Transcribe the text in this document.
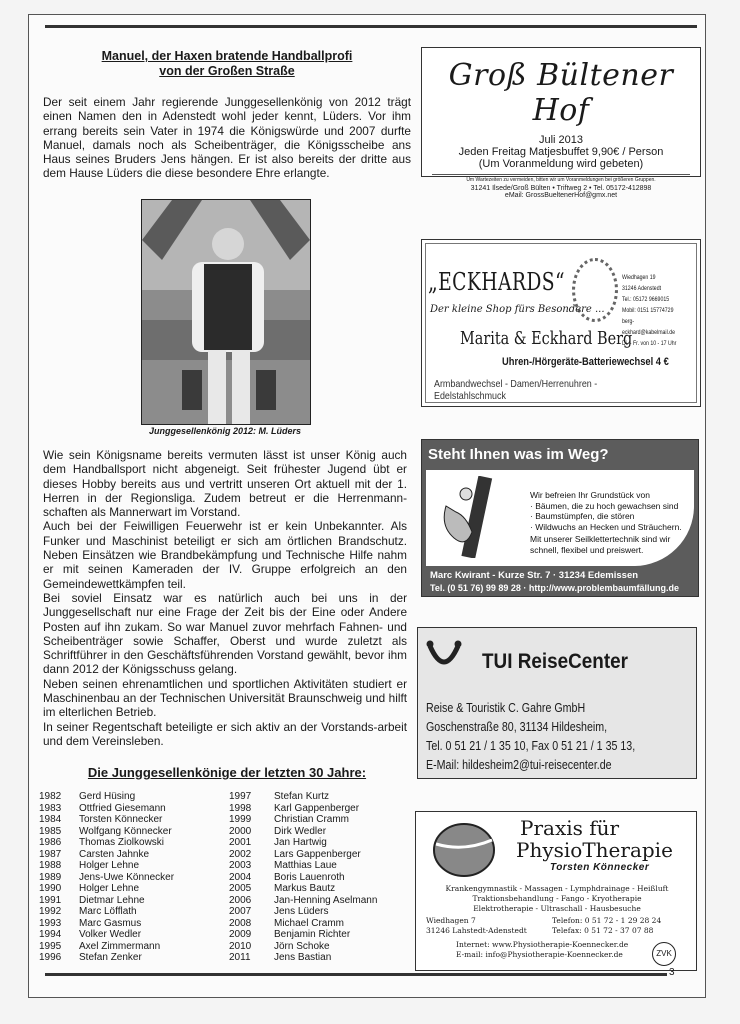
Manuel, der Haxen bratende Handballprofi
von der Großen Straße

Der seit einem Jahr regierende Junggesellenkönig von 2012 trägt einen Namen den in Adenstedt wohl jeder kennt, Lüders. Vor ihm errang bereits sein Vater in 1974 die Königswürde und 2007 durfte Manuel, damals noch als Scheibenträger, die Königsscheibe ans Haus seines Bruders Jens hängen. Er ist also bereits der dritte aus dem Hause Lüders die diese besondere Ehre erlangte.

Junggesellenkönig 2012: M. Lüders

Wie sein Königsname bereits vermuten lässt ist unser König auch dem Handballsport nicht abgeneigt. Seit frühester Jugend übt er dieses Hobby bereits aus und vertritt unseren Ort aktuell mit der 1. Herren in der Regionsliga. Zudem betreut er die Herrenmann-schaften als Mannerwart im Vorstand.

Auch bei der Feiwilligen Feuerwehr ist er kein Unbekannter. Als Funker und Maschinist beteiligt er sich am örtlichen Brandschutz. Neben Einsätzen wie Brandbekämpfung und Technische Hilfe nahm er mit seinen Kameraden der IV. Gruppe erfolgreich an den Gemeindewettkämpfen teil.

Bei soviel Einsatz war es natürlich auch bei uns in der Junggesellschaft nur eine Frage der Zeit bis der Eine oder Andere Posten auf ihn zukam. So war Manuel zuvor mehrfach Fahnen- und Scheibenträger sowie Schaffer, Oberst und wurde zuletzt als Schriftführer in den Geschäftsführenden Vorstand gewählt, bevor ihm dann 2012 der Königsschuss gelang.

Neben seinen ehrenamtlichen und sportlichen Aktivitäten studiert er Maschinenbau an der Technischen Universität Braunschweig und hilft im elterlichen Betrieb.

In seiner Regentschaft beteiligte er sich aktiv an der Vorstands-arbeit und dem Vereinsleben.

Die Junggesellenkönige der letzten 30 Jahre:
1982	Gerd Hüsing	1997	Stefan Kurtz
1983	Ottfried Giesemann	1998	Karl Gappenberger
1984	Torsten Könnecker	1999	Christian Cramm
1985	Wolfgang Könnecker	2000	Dirk Wedler
1986	Thomas Ziolkowski	2001	Jan Hartwig
1987	Carsten Jahnke	2002	Lars Gappenberger
1988	Holger Lehne	2003	Matthias Laue
1989	Jens-Uwe Könnecker	2004	Boris Lauenroth
1990	Holger Lehne	2005	Markus Bautz
1991	Dietmar Lehne	2006	Jan-Henning Aselmann
1992	Marc Löfflath	2007	Jens Lüders
1993	Marc Gasmus	2008	Michael Cramm
1994	Volker Wedler	2009	Benjamin Richter
1995	Axel Zimmermann	2010	Jörn Schoke
1996	Stefan Zenker	2011	Jens Bastian
Groß Bültener Hof
Juli 2013
Jeden Freitag Matjesbuffet 9,90€ / Person
(Um Voranmeldung wird gebeten)
Um Wartezeiten zu vermeiden, bitten wir um Voranmeldungen bei größeren Gruppen.
31241 Ilsede/Groß Bülten • Triftweg 2 • Tel. 05172-412898
eMail: GrossBueltenerHof@gmx.net
„ECKHARDS“
Der kleine Shop fürs Besondere ...
Marita & Eckhard Berg
Uhren-/Hörgeräte-Batteriewechsel 4 €
Armbandwechsel - Damen/Herrenuhren - Edelstahlschmuck
Wiedhagen 19
31246 Adenstedt
Tel.: 05172 9669015
Mobil: 0151 15774729
berg-eckhard@kabelmail.de
Di. - Fr. von 10 - 17 Uhr
Steht Ihnen was im Weg?
Wir befreien Ihr Grundstück von
· Bäumen, die zu hoch gewachsen sind
· Baumstümpfen, die stören
· Wildwuchs an Hecken und Sträuchern.
Mit unserer Seilklettertechnik sind wir
schnell, flexibel und preiswert.
Marc Kwirant - Kurze Str. 7 · 31234 Edemissen
Tel. (0 51 76) 99 89 28 · http://www.problembaumfällung.de
TUI ReiseCenter
Reise & Touristik C. Gahre GmbH
Goschenstraße 80, 31134 Hildesheim,
Tel. 0 51 21 / 1 35 10, Fax 0 51 21 / 1 35 13,
E-Mail: hildesheim2@tui-reisecenter.de
Praxis für
PhysioTherapie
Torsten Könnecker
Krankengymnastik - Massagen - Lymphdrainage - Heißluft
Traktionsbehandlung - Fango - Kryotherapie
Elektrotherapie - Ultraschall - Hausbesuche
Wiedhagen 7
31246 Lahstedt-Adenstedt
Telefon: 0 51 72 - 1 29 28 24
Telefax: 0 51 72 - 37 07 88
Internet: www.Physiotherapie-Koennecker.de
E-mail: info@Physiotherapie-Koennecker.de	ZVK
3
